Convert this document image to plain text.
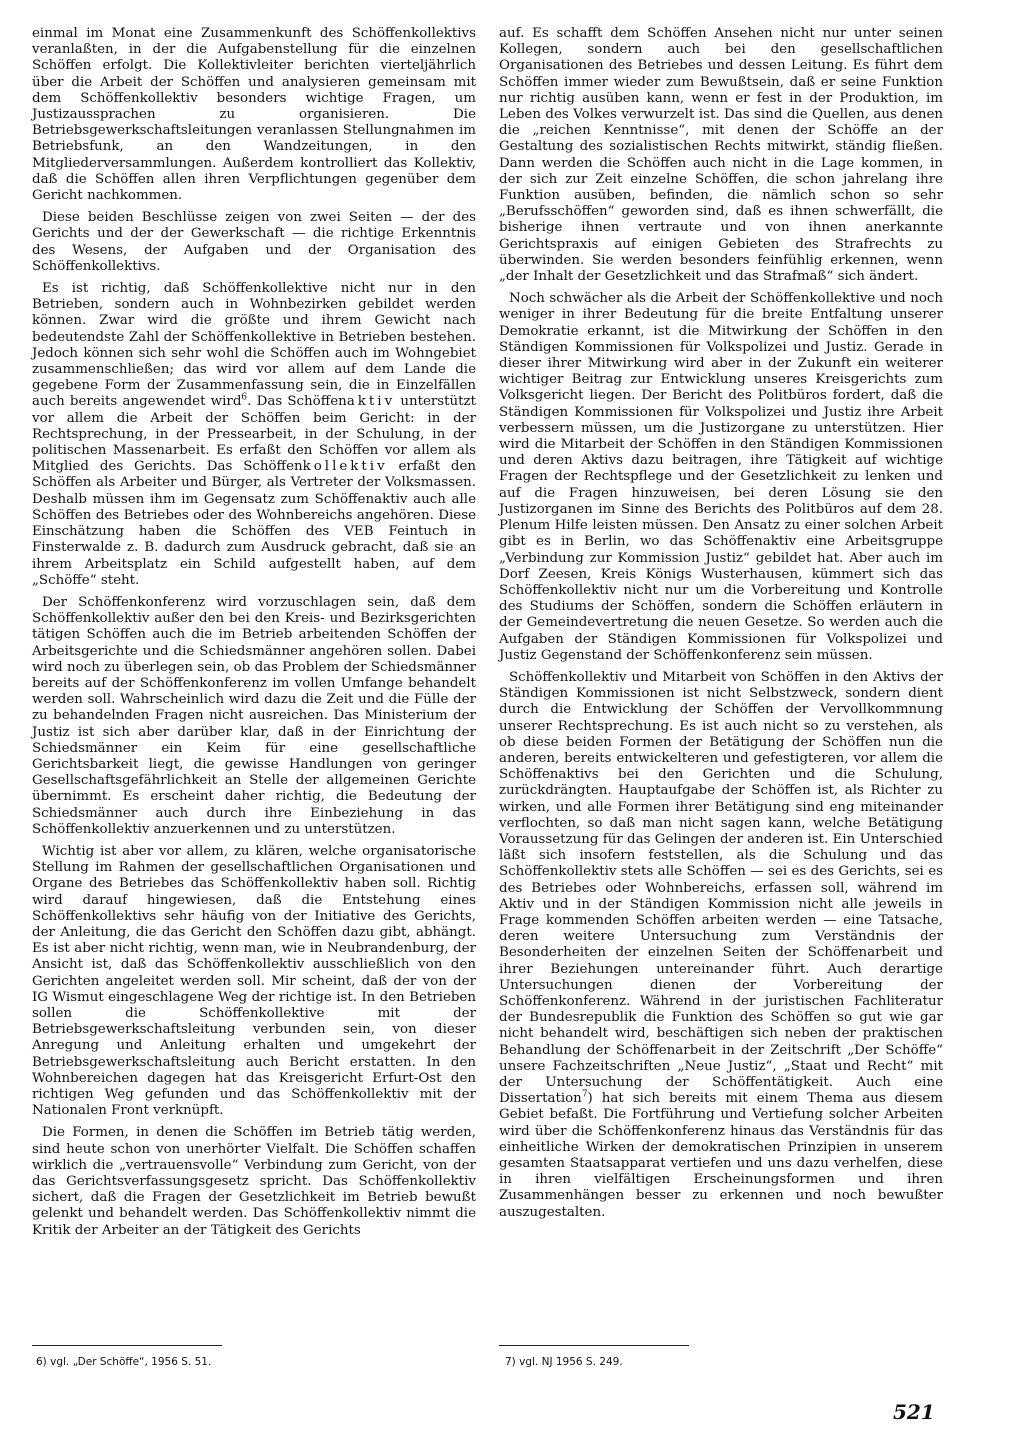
einmal im Monat eine Zusammenkunft des Schöffenkollektivs veranlaßten, in der die Aufgabenstellung für die einzelnen Schöffen erfolgt. Die Kollektivleiter berichten vierteljährlich über die Arbeit der Schöffen und analysieren gemeinsam mit dem Schöffenkollektiv besonders wichtige Fragen, um Justizaussprachen zu organisieren. Die Betriebsgewerkschaftsleitungen veranlassen Stellungnahmen im Betriebsfunk, an den Wandzeitungen, in den Mitgliederversammlungen. Außerdem kontrolliert das Kollektiv, daß die Schöffen allen ihren Verpflichtungen gegenüber dem Gericht nachkommen.

Diese beiden Beschlüsse zeigen von zwei Seiten — der des Gerichts und der der Gewerkschaft — die richtige Erkenntnis des Wesens, der Aufgaben und der Organisation des Schöffenkollektivs.

Es ist richtig, daß Schöffenkollektive nicht nur in den Betrieben, sondern auch in Wohnbezirken gebildet werden können. Zwar wird die größte und ihrem Gewicht nach bedeutendste Zahl der Schöffenkollektive in Betrieben bestehen. Jedoch können sich sehr wohl die Schöffen auch im Wohngebiet zusammenschließen; das wird vor allem auf dem Lande die gegebene Form der Zusammenfassung sein, die in Einzelfällen auch bereits angewendet wird$^6$. Das Schöffenaktiv unterstützt vor allem die Arbeit der Schöffen beim Gericht: in der Rechtsprechung, in der Pressearbeit, in der Schulung, in der politischen Massenarbeit. Es erfaßt den Schöffen vor allem als Mitglied des Gerichts. Das Schöffenkollektiv erfaßt den Schöffen als Arbeiter und Bürger, als Vertreter der Volksmassen. Deshalb müssen ihm im Gegensatz zum Schöffenaktiv auch alle Schöffen des Betriebes oder des Wohnbereichs angehören. Diese Einschätzung haben die Schöffen des VEB Feintuch in Finsterwalde z. B. dadurch zum Ausdruck gebracht, daß sie an ihrem Arbeitsplatz ein Schild aufgestellt haben, auf dem „Schöffe“ steht.

Der Schöffenkonferenz wird vorzuschlagen sein, daß dem Schöffenkollektiv außer den bei den Kreis- und Bezirksgerichten tätigen Schöffen auch die im Betrieb arbeitenden Schöffen der Arbeitsgerichte und die Schiedsmänner angehören sollen. Dabei wird noch zu überlegen sein, ob das Problem der Schiedsmänner bereits auf der Schöffenkonferenz im vollen Umfange behandelt werden soll. Wahrscheinlich wird dazu die Zeit und die Fülle der zu behandelnden Fragen nicht ausreichen. Das Ministerium der Justiz ist sich aber darüber klar, daß in der Einrichtung der Schiedsmänner ein Keim für eine gesellschaftliche Gerichtsbarkeit liegt, die gewisse Handlungen von geringer Gesellschaftsgefährlichkeit an Stelle der allgemeinen Gerichte übernimmt. Es erscheint daher richtig, die Bedeutung der Schiedsmänner auch durch ihre Einbeziehung in das Schöffenkollektiv anzuerkennen und zu unterstützen.

Wichtig ist aber vor allem, zu klären, welche organisatorische Stellung im Rahmen der gesellschaftlichen Organisationen und Organe des Betriebes das Schöffenkollektiv haben soll. Richtig wird darauf hingewiesen, daß die Entstehung eines Schöffenkollektivs sehr häufig von der Initiative des Gerichts, der Anleitung, die das Gericht den Schöffen dazu gibt, abhängt. Es ist aber nicht richtig, wenn man, wie in Neubrandenburg, der Ansicht ist, daß das Schöffenkollektiv ausschließlich von den Gerichten angeleitet werden soll. Mir scheint, daß der von der IG Wismut eingeschlagene Weg der richtige ist. In den Betrieben sollen die Schöffenkollektive mit der Betriebsgewerkschaftsleitung verbunden sein, von dieser Anregung und Anleitung erhalten und umgekehrt der Betriebsgewerkschaftsleitung auch Bericht erstatten. In den Wohnbereichen dagegen hat das Kreisgericht Erfurt-Ost den richtigen Weg gefunden und das Schöffenkollektiv mit der Nationalen Front verknüpft.

Die Formen, in denen die Schöffen im Betrieb tätig werden, sind heute schon von unerhörter Vielfalt. Die Schöffen schaffen wirklich die „vertrauensvolle“ Verbindung zum Gericht, von der das Gerichtsverfassungsgesetz spricht. Das Schöffenkollektiv sichert, daß die Fragen der Gesetzlichkeit im Betrieb bewußt gelenkt und behandelt werden. Das Schöffenkollektiv nimmt die Kritik der Arbeiter an der Tätigkeit des Gerichts

auf. Es schafft dem Schöffen Ansehen nicht nur unter seinen Kollegen, sondern auch bei den gesellschaftlichen Organisationen des Betriebes und dessen Leitung. Es führt dem Schöffen immer wieder zum Bewußtsein, daß er seine Funktion nur richtig ausüben kann, wenn er fest in der Produktion, im Leben des Volkes verwurzelt ist. Das sind die Quellen, aus denen die „reichen Kenntnisse“, mit denen der Schöffe an der Gestaltung des sozialistischen Rechts mitwirkt, ständig fließen. Dann werden die Schöffen auch nicht in die Lage kommen, in der sich zur Zeit einzelne Schöffen, die schon jahrelang ihre Funktion ausüben, befinden, die nämlich schon so sehr „Berufsschöffen“ geworden sind, daß es ihnen schwerfällt, die bisherige ihnen vertraute und von ihnen anerkannte Gerichtspraxis auf einigen Gebieten des Strafrechts zu überwinden. Sie werden besonders feinfühlig erkennen, wenn „der Inhalt der Gesetzlichkeit und das Strafmaß“ sich ändert.

Noch schwächer als die Arbeit der Schöffenkollektive und noch weniger in ihrer Bedeutung für die breite Entfaltung unserer Demokratie erkannt, ist die Mitwirkung der Schöffen in den Ständigen Kommissionen für Volkspolizei und Justiz. Gerade in dieser ihrer Mitwirkung wird aber in der Zukunft ein weiterer wichtiger Beitrag zur Entwicklung unseres Kreisgerichts zum Volksgericht liegen. Der Bericht des Politbüros fordert, daß die Ständigen Kommissionen für Volkspolizei und Justiz ihre Arbeit verbessern müssen, um die Justizorgane zu unterstützen. Hier wird die Mitarbeit der Schöffen in den Ständigen Kommissionen und deren Aktivs dazu beitragen, ihre Tätigkeit auf wichtige Fragen der Rechtspflege und der Gesetzlichkeit zu lenken und auf die Fragen hinzuweisen, bei deren Lösung sie den Justizorganen im Sinne des Berichts des Politbüros auf dem 28. Plenum Hilfe leisten müssen. Den Ansatz zu einer solchen Arbeit gibt es in Berlin, wo das Schöffenaktiv eine Arbeitsgruppe „Verbindung zur Kommission Justiz“ gebildet hat. Aber auch im Dorf Zeesen, Kreis Königs Wusterhausen, kümmert sich das Schöffenkollektiv nicht nur um die Vorbereitung und Kontrolle des Studiums der Schöffen, sondern die Schöffen erläutern in der Gemeindevertretung die neuen Gesetze. So werden auch die Aufgaben der Ständigen Kommissionen für Volkspolizei und Justiz Gegenstand der Schöffenkonferenz sein müssen.

Schöffenkollektiv und Mitarbeit von Schöffen in den Aktivs der Ständigen Kommissionen ist nicht Selbstzweck, sondern dient durch die Entwicklung der Schöffen der Vervollkommnung unserer Rechtsprechung. Es ist auch nicht so zu verstehen, als ob diese beiden Formen der Betätigung der Schöffen nun die anderen, bereits entwickelteren und gefestigteren, vor allem die Schöffenaktivs bei den Gerichten und die Schulung, zurückdrängten. Hauptaufgabe der Schöffen ist, als Richter zu wirken, und alle Formen ihrer Betätigung sind eng miteinander verflochten, so daß man nicht sagen kann, welche Betätigung Voraussetzung für das Gelingen der anderen ist. Ein Unterschied läßt sich insofern feststellen, als die Schulung und das Schöffenkollektiv stets alle Schöffen — sei es des Gerichts, sei es des Betriebes oder Wohnbereichs, erfassen soll, während im Aktiv und in der Ständigen Kommission nicht alle jeweils in Frage kommenden Schöffen arbeiten werden — eine Tatsache, deren weitere Untersuchung zum Verständnis der Besonderheiten der einzelnen Seiten der Schöffenarbeit und ihrer Beziehungen untereinander führt. Auch derartige Untersuchungen dienen der Vorbereitung der Schöffenkonferenz. Während in der juristischen Fachliteratur der Bundesrepublik die Funktion des Schöffen so gut wie gar nicht behandelt wird, beschäftigen sich neben der praktischen Behandlung der Schöffenarbeit in der Zeitschrift „Der Schöffe“ unsere Fachzeitschriften „Neue Justiz“, „Staat und Recht“ mit der Untersuchung der Schöffentätigkeit. Auch eine Dissertation$^7$) hat sich bereits mit einem Thema aus diesem Gebiet befaßt. Die Fortführung und Vertiefung solcher Arbeiten wird über die Schöffenkonferenz hinaus das Verständnis für das einheitliche Wirken der demokratischen Prinzipien in unserem gesamten Staatsapparat vertiefen und uns dazu verhelfen, diese in ihren vielfältigen Erscheinungsformen und ihren Zusammenhängen besser zu erkennen und noch bewußter auszugestalten.

6) vgl. „Der Schöffe“, 1956 S. 51.	7) vgl. NJ 1956 S. 249.
521
